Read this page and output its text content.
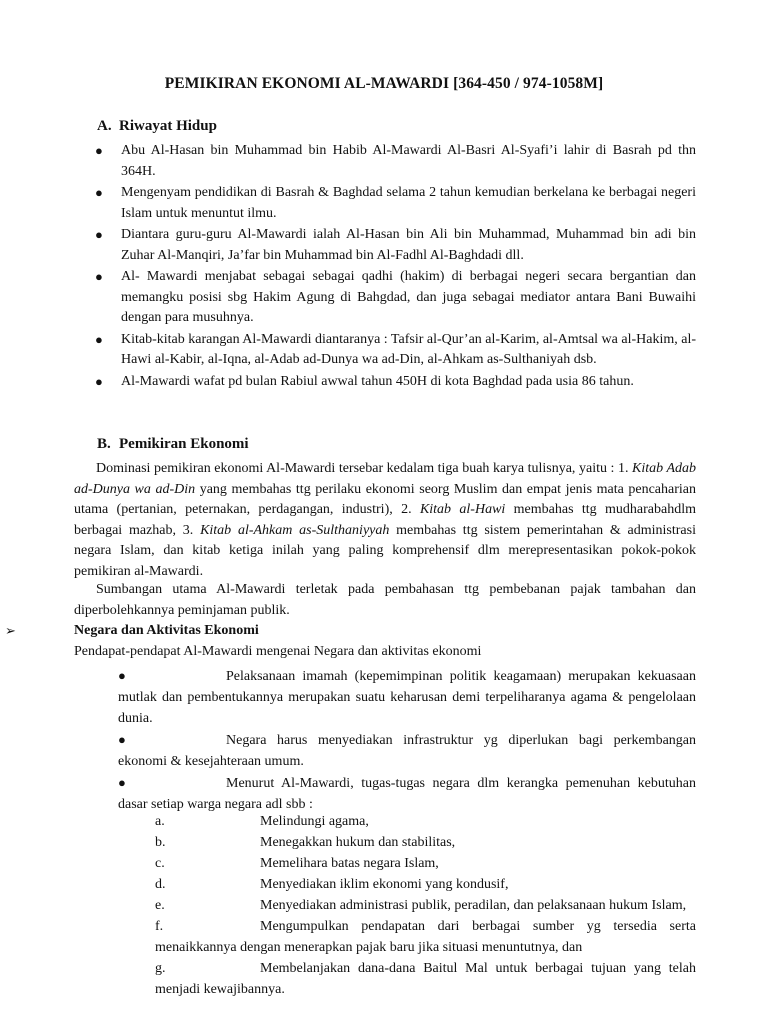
PEMIKIRAN EKONOMI AL-MAWARDI [364-450 / 974-1058M]
A. Riwayat Hidup
● Abu Al-Hasan bin Muhammad bin Habib Al-Mawardi Al-Basri Al-Syafi’i lahir di Basrah pd thn 364H.
● Mengenyam pendidikan di Basrah & Baghdad selama 2 tahun kemudian berkelana ke berbagai negeri Islam untuk menuntut ilmu.
● Diantara guru-guru Al-Mawardi ialah Al-Hasan bin Ali bin Muhammad, Muhammad bin adi bin Zuhar Al-Manqiri, Ja’far bin Muhammad bin Al-Fadhl Al-Baghdadi dll.
● Al- Mawardi menjabat sebagai sebagai qadhi (hakim) di berbagai negeri secara bergantian dan memangku posisi sbg Hakim Agung di Bahgdad, dan juga sebagai mediator antara Bani Buwaihi dengan para musuhnya.
● Kitab-kitab karangan Al-Mawardi diantaranya : Tafsir al-Qur’an al-Karim, al-Amtsal wa al-Hakim, al-Hawi al-Kabir, al-Iqna, al-Adab ad-Dunya wa ad-Din, al-Ahkam as-Sulthaniyah dsb.
● Al-Mawardi wafat pd bulan Rabiul awwal tahun 450H di kota Baghdad pada usia 86 tahun.
B. Pemikiran Ekonomi

Dominasi pemikiran ekonomi Al-Mawardi tersebar kedalam tiga buah karya tulisnya, yaitu : 1. Kitab Adab ad-Dunya wa ad-Din yang membahas ttg perilaku ekonomi seorg Muslim dan empat jenis mata pencaharian utama (pertanian, peternakan, perdagangan, industri), 2. Kitab al-Hawi membahas ttg mudharabahdlm berbagai mazhab, 3. Kitab al-Ahkam as-Sulthaniyyah membahas ttg sistem pemerintahan & administrasi negara Islam, dan kitab ketiga inilah yang paling komprehensif dlm merepresentasikan pokok-pokok pemikiran al-Mawardi.

Sumbangan utama Al-Mawardi terletak pada pembahasan ttg pembebanan pajak tambahan dan diperbolehkannya peminjaman publik.

➢	Negara dan Aktivitas Ekonomi
Pendapat-pendapat Al-Mawardi mengenai Negara dan aktivitas ekonomi
●	Pelaksanaan imamah (kepemimpinan politik keagamaan) merupakan kekuasaan mutlak dan pembentukannya merupakan suatu keharusan demi terpeliharanya agama & pengelolaan dunia.
●	Negara harus menyediakan infrastruktur yg diperlukan bagi perkembangan ekonomi & kesejahteraan umum.
●	Menurut Al-Mawardi, tugas-tugas negara dlm kerangka pemenuhan kebutuhan dasar setiap warga negara adl sbb :
a.	Melindungi agama,
b.	Menegakkan hukum dan stabilitas,
c.	Memelihara batas negara Islam,
d.	Menyediakan iklim ekonomi yang kondusif,
e.	Menyediakan administrasi publik, peradilan, dan pelaksanaan hukum Islam,
f.	Mengumpulkan pendapatan dari berbagai sumber yg tersedia serta menaikkannya dengan menerapkan pajak baru jika situasi menuntutnya, dan
g.	Membelanjakan dana-dana Baitul Mal untuk berbagai tujuan yang telah menjadi kewajibannya.
